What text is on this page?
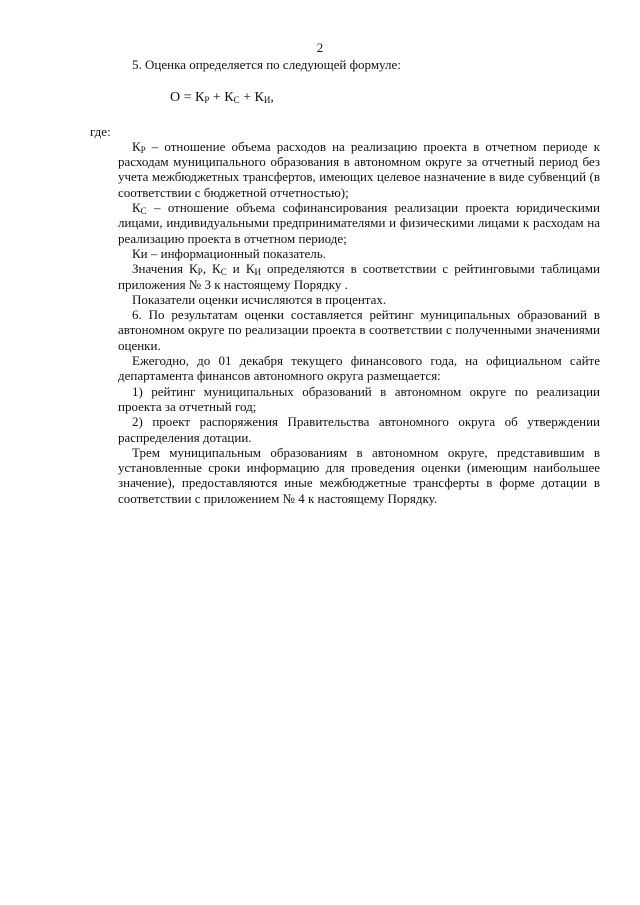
2

5. Оценка определяется по следующей формуле:

$О = К_Р + К_С + К_И$,

где:

$К_Р$ – отношение объема расходов на реализацию проекта в отчетном периоде к расходам муниципального образования в автономном округе за отчетный период без учета межбюджетных трансфертов, имеющих целевое назначение в виде субвенций (в соответствии с бюджетной отчетностью);

$К_С$ – отношение объема софинансирования реализации проекта юридическими лицами, индивидуальными предпринимателями и физическими лицами к расходам на реализацию проекта в отчетном периоде;

Ки – информационный показатель.

Значения $К_Р$, $К_С$ и $К_И$ определяются в соответствии с рейтинговыми таблицами приложения № 3 к настоящему Порядку .

Показатели оценки исчисляются в процентах.

6. По результатам оценки составляется рейтинг муниципальных образований в автономном округе по реализации проекта в соответствии с полученными значениями оценки.

Ежегодно, до 01 декабря текущего финансового года, на официальном сайте департамента финансов автономного округа размещается:

1) рейтинг муниципальных образований в автономном округе по реализации проекта за отчетный год;

2) проект распоряжения Правительства автономного округа об утверждении распределения дотации.

Трем муниципальным образованиям в автономном округе, представившим в установленные сроки информацию для проведения оценки (имеющим наибольшее значение), предоставляются иные межбюджетные трансферты в форме дотации в соответствии с приложением № 4 к настоящему Порядку.
